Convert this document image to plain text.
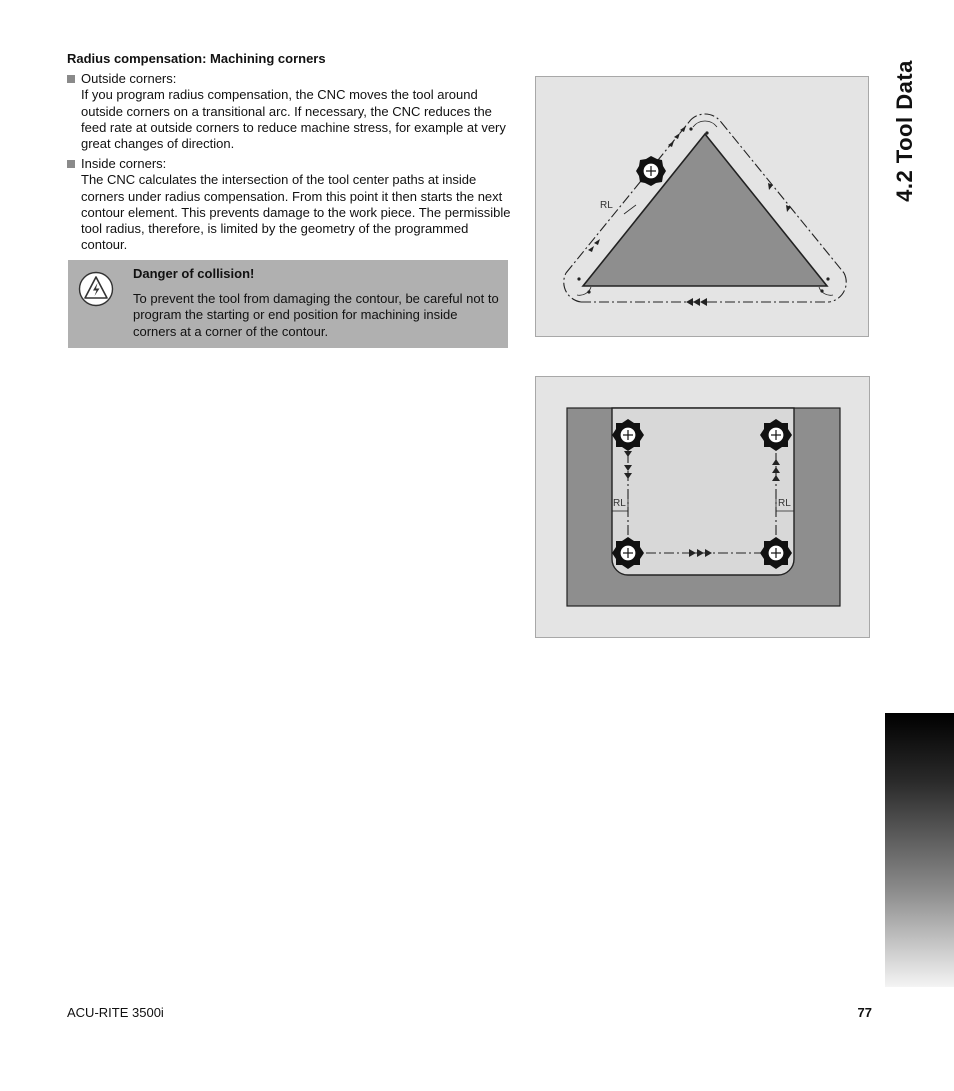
Radius compensation: Machining corners
Outside corners:
If you program radius compensation, the CNC moves the tool around outside corners on a transitional arc. If necessary, the CNC reduces the feed rate at outside corners to reduce machine stress, for example at very great changes of direction.
Inside corners:
The CNC calculates the intersection of the tool center paths at inside corners under radius compensation. From this point it then starts the next contour element. This prevents damage to the work piece. The permissible tool radius, therefore, is limited by the geometry of the programmed contour.
Danger of collision!
To prevent the tool from damaging the contour, be careful not to program the starting or end position for machining inside corners at a corner of the contour.
RL
RL	RL
4.2 Tool Data
ACU-RITE 3500i	77
